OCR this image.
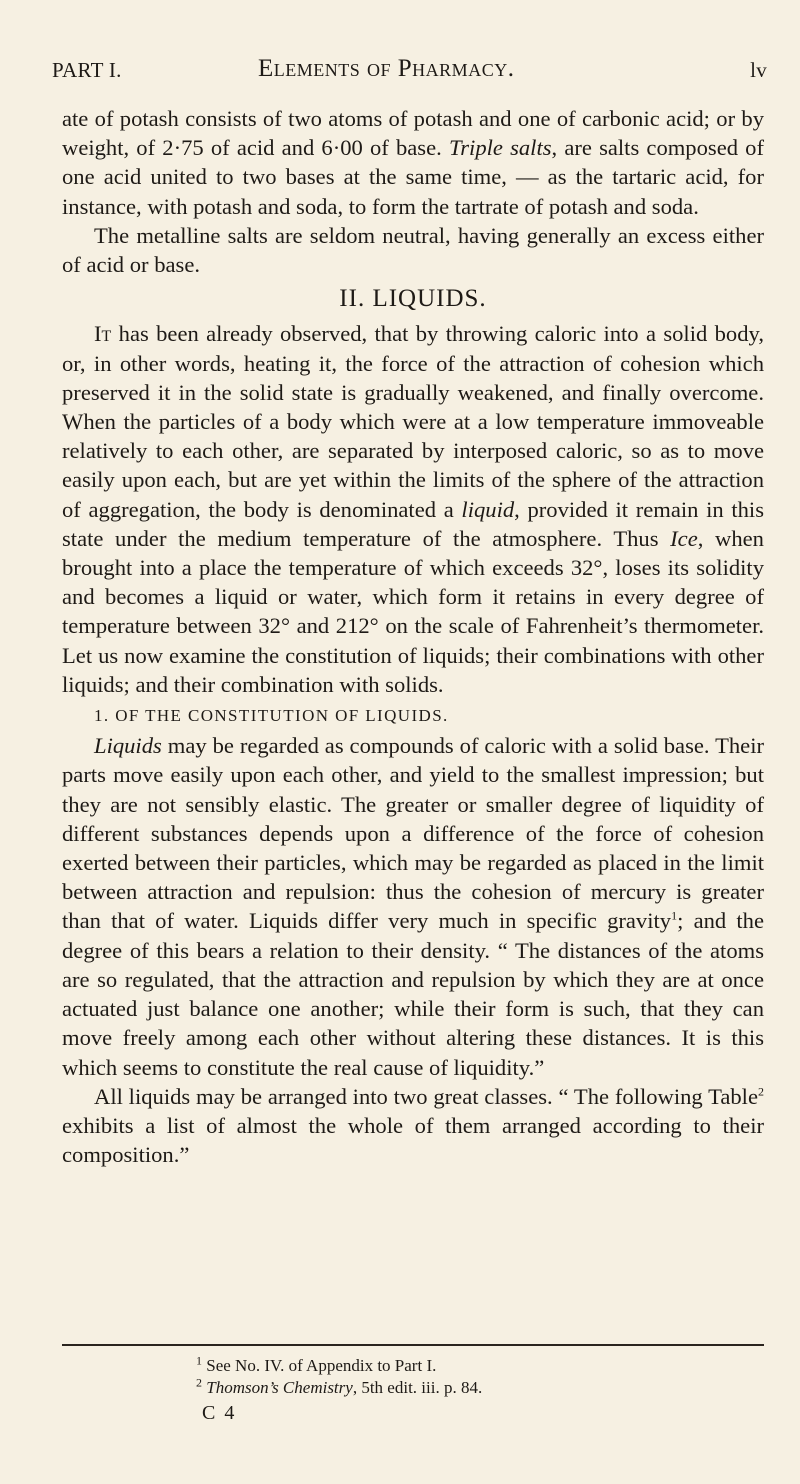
PART I.	Elements of Pharmacy.	lv

ate of potash consists of two atoms of potash and one of carbonic acid; or by weight, of 2·75 of acid and 6·00 of base. Triple salts, are salts composed of one acid united to two bases at the same time, — as the tartaric acid, for instance, with potash and soda, to form the tartrate of potash and soda.

The metalline salts are seldom neutral, having generally an excess either of acid or base.

II. LIQUIDS.

It has been already observed, that by throwing caloric into a solid body, or, in other words, heating it, the force of the attraction of cohesion which preserved it in the solid state is gradually weakened, and finally overcome. When the particles of a body which were at a low temperature immoveable relatively to each other, are separated by interposed caloric, so as to move easily upon each, but are yet within the limits of the sphere of the attraction of aggregation, the body is denominated a liquid, provided it remain in this state under the medium temperature of the atmosphere. Thus Ice, when brought into a place the temperature of which exceeds 32°, loses its solidity and becomes a liquid or water, which form it retains in every degree of temperature between 32° and 212° on the scale of Fahrenheit’s thermometer. Let us now examine the constitution of liquids; their combinations with other liquids; and their combination with solids.

1. OF THE CONSTITUTION OF LIQUIDS.

Liquids may be regarded as compounds of caloric with a solid base. Their parts move easily upon each other, and yield to the smallest impression; but they are not sensibly elastic. The greater or smaller degree of liquidity of different substances depends upon a difference of the force of cohesion exerted between their particles, which may be regarded as placed in the limit between attraction and repulsion: thus the cohesion of mercury is greater than that of water. Liquids differ very much in specific gravity$^1$; and the degree of this bears a relation to their density. “ The distances of the atoms are so regulated, that the attraction and repulsion by which they are at once actuated just balance one another; while their form is such, that they can move freely among each other without altering these distances. It is this which seems to constitute the real cause of liquidity.”

All liquids may be arranged into two great classes. “ The following Table$^2$ exhibits a list of almost the whole of them arranged according to their composition.”

$^1$ See No. IV. of Appendix to Part I.
$^2$ Thomson’s Chemistry, 5th edit. iii. p. 84.
C 4
